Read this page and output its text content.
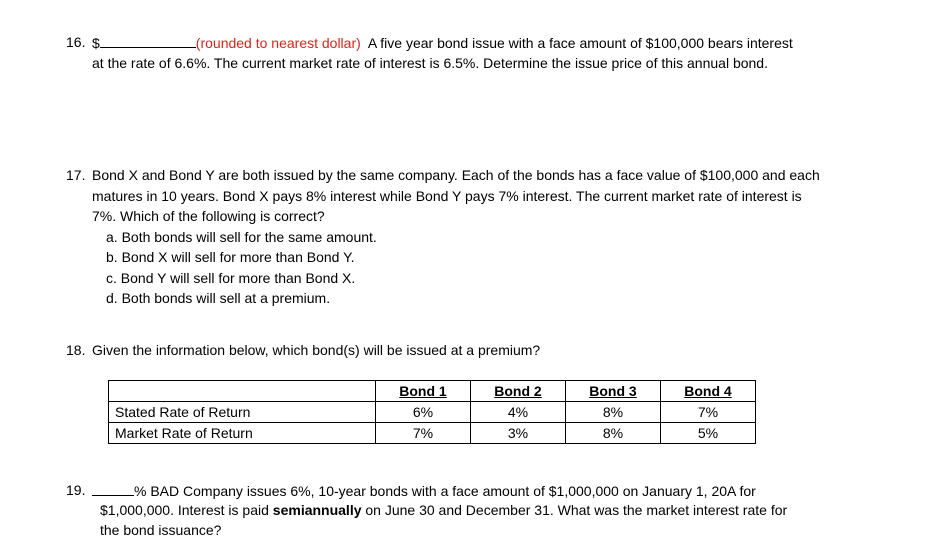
16. $	(rounded to nearest dollar) A five year bond issue with a face amount of $100,000 bears interest
at the rate of 6.6%. The current market rate of interest is 6.5%. Determine the issue price of this annual bond.
17. Bond X and Bond Y are both issued by the same company. Each of the bonds has a face value of $100,000 and each
matures in 10 years. Bond X pays 8% interest while Bond Y pays 7% interest. The current market rate of interest is
7%. Which of the following is correct?
a. Both bonds will sell for the same amount.
b. Bond X will sell for more than Bond Y.
c. Bond Y will sell for more than Bond X.
d. Both bonds will sell at a premium.
18. Given the information below, which bond(s) will be issued at a premium?
	Bond 1	Bond 2	Bond 3	Bond 4
Stated Rate of Return	6%	4%	8%	7%
Market Rate of Return	7%	3%	8%	5%
19.	% BAD Company issues 6%, 10-year bonds with a face amount of $1,000,000 on January 1, 20A for
$1,000,000. Interest is paid semiannually on June 30 and December 31. What was the market interest rate for
the bond issuance?
